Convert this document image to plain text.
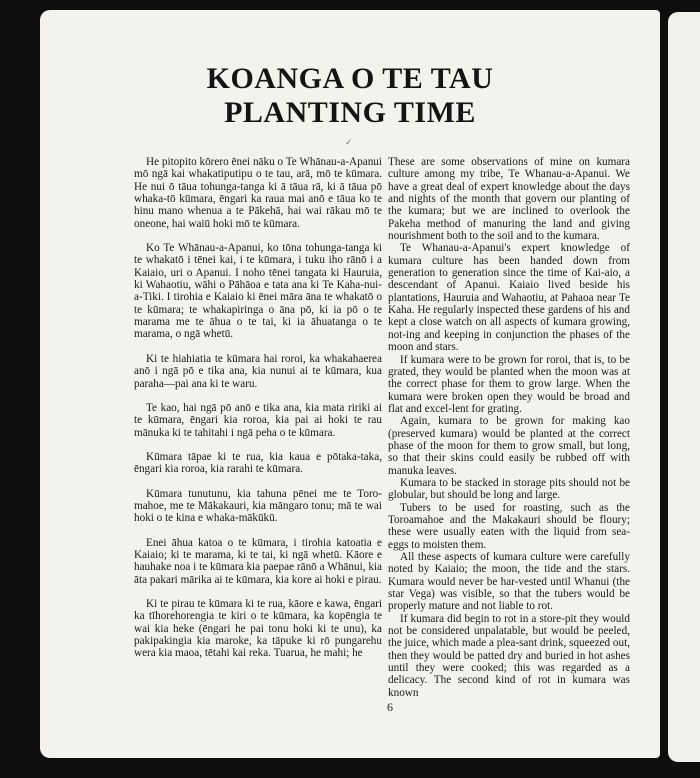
KOANGA O TE TAU
PLANTING TIME
✓

He pitopito kōrero ēnei nāku o Te Whānau-a-Apanui mō ngā kai whakatiputipu o te tau, arā, mō te kūmara. He nui ō tāua tohunga-tanga ki ā tāua rā, ki ā tāua pō whaka-tō kūmara, ēngari ka raua mai anō e tāua ko te hinu mano whenua a te Pākehā, hai wai rākau mō te oneone, hai waiū hoki mō te kūmara.

Ko Te Whānau-a-Apanui, ko tōna tohunga-tanga ki te whakatō i tēnei kai, i te kūmara, i tuku iho rānō i a Kaiaio, uri o Apanui. I noho tēnei tangata ki Hauruia, ki Wahaotiu, wāhi o Pāhāoa e tata ana ki Te Kaha-nui-a-Tiki. I tirohia e Kaiaio ki ēnei māra āna te whakatō o te kūmara; te whakapiringa o āna pō, ki ia pō o te marama me te āhua o te tai, ki ia āhuatanga o te marama, o ngā whetū.

Ki te hiahiatia te kūmara hai roroi, ka whakahaerea anō i ngā pō e tika ana, kia nunui ai te kūmara, kua paraha—pai ana ki te waru.

Te kao, hai ngā pō anō e tika ana, kia mata ririki ai te kūmara, ēngari kia roroa, kia pai ai hoki te rau mānuka ki te tahitahi i ngā peha o te kūmara.

Kūmara tāpae ki te rua, kia kaua e pōtaka-taka, ēngari kia roroa, kia rarahi te kūmara.

Kūmara tunutunu, kia tahuna pēnei me te Toro-mahoe, me te Mākakauri, kia māngaro tonu; mā te wai hoki o te kina e whaka-mākūkū.

Enei āhua katoa o te kūmara, i tirohia katoatia e Kaiaio; ki te marama, ki te tai, ki ngā whetū. Kāore e hauhake noa i te kūmara kia paepae rānō a Whānui, kia āta pakari mārika ai te kūmara, kia kore ai hoki e pirau.

Ki te pirau te kūmara ki te rua, kāore e kawa, ēngari ka tīhorehorengia te kiri o te kūmara, ka kopēngia te wai kia heke (ēngari he pai tonu hoki ki te unu), ka pakipakingia kia maroke, ka tāpuke ki rō pungarehu wera kia maoa, tētahi kai reka. Tuarua, he mahi; he

These are some observations of mine on kumara culture among my tribe, Te Whanau-a-Apanui. We have a great deal of expert knowledge about the days and nights of the month that govern our planting of the kumara; but we are inclined to overlook the Pakeha method of manuring the land and giving nourishment both to the soil and to the kumara.

Te Whanau-a-Apanui's expert knowledge of kumara culture has been handed down from generation to generation since the time of Kai-aio, a descendant of Apanui. Kaiaio lived beside his plantations, Hauruia and Wahaotiu, at Pahaoa near Te Kaha. He regularly inspected these gardens of his and kept a close watch on all aspects of kumara growing, not-ing and keeping in conjunction the phases of the moon and stars.

If kumara were to be grown for roroi, that is, to be grated, they would be planted when the moon was at the correct phase for them to grow large. When the kumara were broken open they would be broad and flat and excel-lent for grating.

Again, kumara to be grown for making kao (preserved kumara) would be planted at the correct phase of the moon for them to grow small, but long, so that their skins could easily be rubbed off with manuka leaves.

Kumara to be stacked in storage pits should not be globular, but should be long and large.

Tubers to be used for roasting, such as the Toroamahoe and the Makakauri should be floury; these were usually eaten with the liquid from sea-eggs to moisten them.

All these aspects of kumara culture were carefully noted by Kaiaio; the moon, the tide and the stars. Kumara would never be har-vested until Whanui (the star Vega) was visible, so that the tubers would be properly mature and not liable to rot.

If kumara did begin to rot in a store-pit they would not be considered unpalatable, but would be peeled, the juice, which made a plea-sant drink, squeezed out, then they would be patted dry and buried in hot ashes until they were cooked; this was regarded as a delicacy. The second kind of rot in kumara was known

6
